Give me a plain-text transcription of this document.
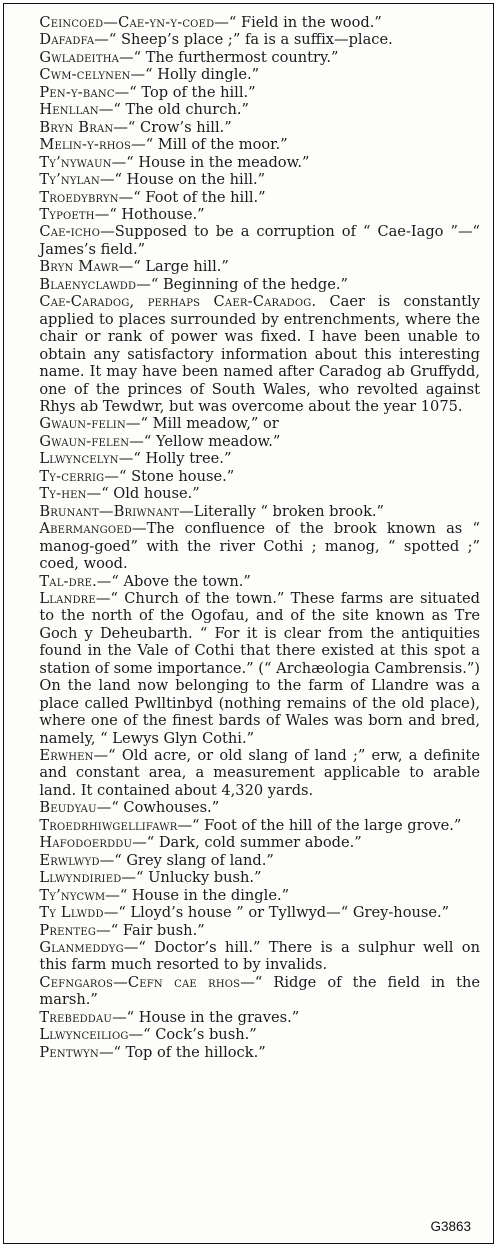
Ceincoed—Cae-yn-y-coed—“ Field in the wood.”

Dafadfa—“ Sheep’s place ;” fa is a suffix—place.

Gwladeitha—“ The furthermost country.”

Cwm-celynen—“ Holly dingle.”

Pen-y-banc—“ Top of the hill.”

Henllan—“ The old church.”

Bryn Bran—“ Crow’s hill.”

Melin-y-rhos—“ Mill of the moor.”

Ty’nywaun—“ House in the meadow.”

Ty’nylan—“ House on the hill.”

Troedybryn—“ Foot of the hill.”

Typoeth—“ Hothouse.”

Cae-icho—Supposed to be a corruption of “ Cae-Iago ”—“ James’s field.”

Bryn Mawr—“ Large hill.”

Blaenyclawdd—“ Beginning of the hedge.”

Cae-Caradog, perhaps Caer-Caradog. Caer is constantly applied to places surrounded by entrenchments, where the chair or rank of power was fixed. I have been unable to obtain any satisfactory information about this interesting name. It may have been named after Caradog ab Gruffydd, one of the princes of South Wales, who revolted against Rhys ab Tewdwr, but was overcome about the year 1075.

Gwaun-felin—“ Mill meadow,” or

Gwaun-felen—“ Yellow meadow.”

Llwyncelyn—“ Holly tree.”

Ty-cerrig—“ Stone house.”

Ty-hen—“ Old house.”

Brunant—Briwnant—Literally “ broken brook.”

Abermangoed—The confluence of the brook known as “ manog-goed” with the river Cothi ; manog, “ spotted ;” coed, wood.

Tal-dre.—“ Above the town.”

Llandre—“ Church of the town.” These farms are situated to the north of the Ogofau, and of the site known as Tre Goch y Deheubarth. “ For it is clear from the antiquities found in the Vale of Cothi that there existed at this spot a station of some importance.” (“ Archæologia Cambrensis.”) On the land now belonging to the farm of Llandre was a place called Pwlltinbyd (nothing remains of the old place), where one of the finest bards of Wales was born and bred, namely, “ Lewys Glyn Cothi.”

Erwhen—“ Old acre, or old slang of land ;” erw, a definite and constant area, a measurement applicable to arable land. It contained about 4,320 yards.

Beudyau—“ Cowhouses.”

Troedrhiwgellifawr—“ Foot of the hill of the large grove.”

Hafodoerddu—“ Dark, cold summer abode.”

Erwlwyd—“ Grey slang of land.”

Llwyndiried—“ Unlucky bush.”

Ty’nycwm—“ House in the dingle.”

Ty Llwdd—“ Lloyd’s house ” or Tyllwyd—“ Grey-house.”

Prenteg—“ Fair bush.”

Glanmeddyg—“ Doctor’s hill.” There is a sulphur well on this farm much resorted to by invalids.

Cefngaros—Cefn cae rhos—“ Ridge of the field in the marsh.”

Trebeddau—“ House in the graves.”

Llwynceiliog—“ Cock’s bush.”

Pentwyn—“ Top of the hillock.”

G3863
